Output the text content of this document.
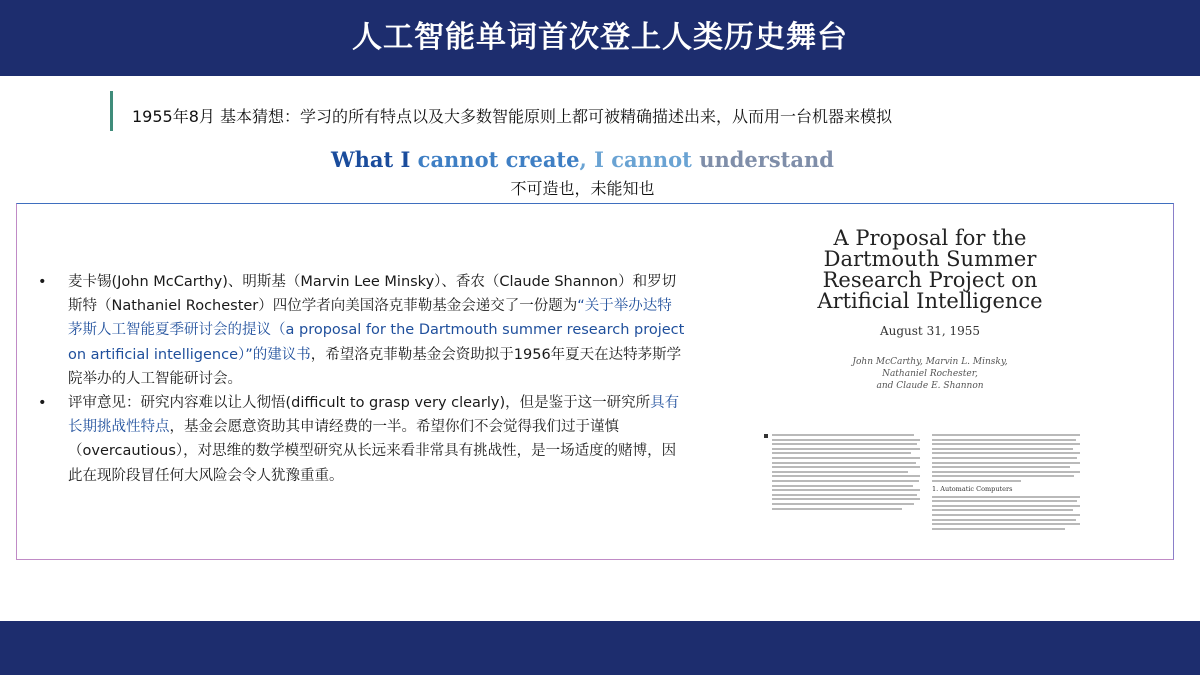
人工智能单词首次登上人类历史舞台
1955年8月 基本猜想：学习的所有特点以及大多数智能原则上都可被精确描述出来，从而用一台机器来模拟
What I cannot create, I cannot understand
不可造也，未能知也
• 麦卡锡(John McCarthy)、明斯基（Marvin Lee Minsky）、香农（Claude Shannon）和罗切斯特（Nathaniel Rochester）四位学者向美国洛克菲勒基金会递交了一份题为“关于举办达特茅斯人工智能夏季研讨会的提议（a proposal for the Dartmouth summer research project on artificial intelligence）”的建议书，希望洛克菲勒基金会资助拟于1956年夏天在达特茅斯学院举办的人工智能研讨会。
• 评审意见：研究内容难以让人彻悟(difficult to grasp very clearly)，但是鉴于这一研究所具有长期挑战性特点，基金会愿意资助其申请经费的一半。希望你们不会觉得我们过于谨慎（overcautious），对思维的数学模型研究从长远来看非常具有挑战性，是一场适度的赌博，因此在现阶段冒任何大风险会令人犹豫重重。
A Proposal for the
Dartmouth Summer
Research Project on
Artificial Intelligence
August 31, 1955
John McCarthy, Marvin L. Minsky,
Nathaniel Rochester,
and Claude E. Shannon
1. Automatic Computers
